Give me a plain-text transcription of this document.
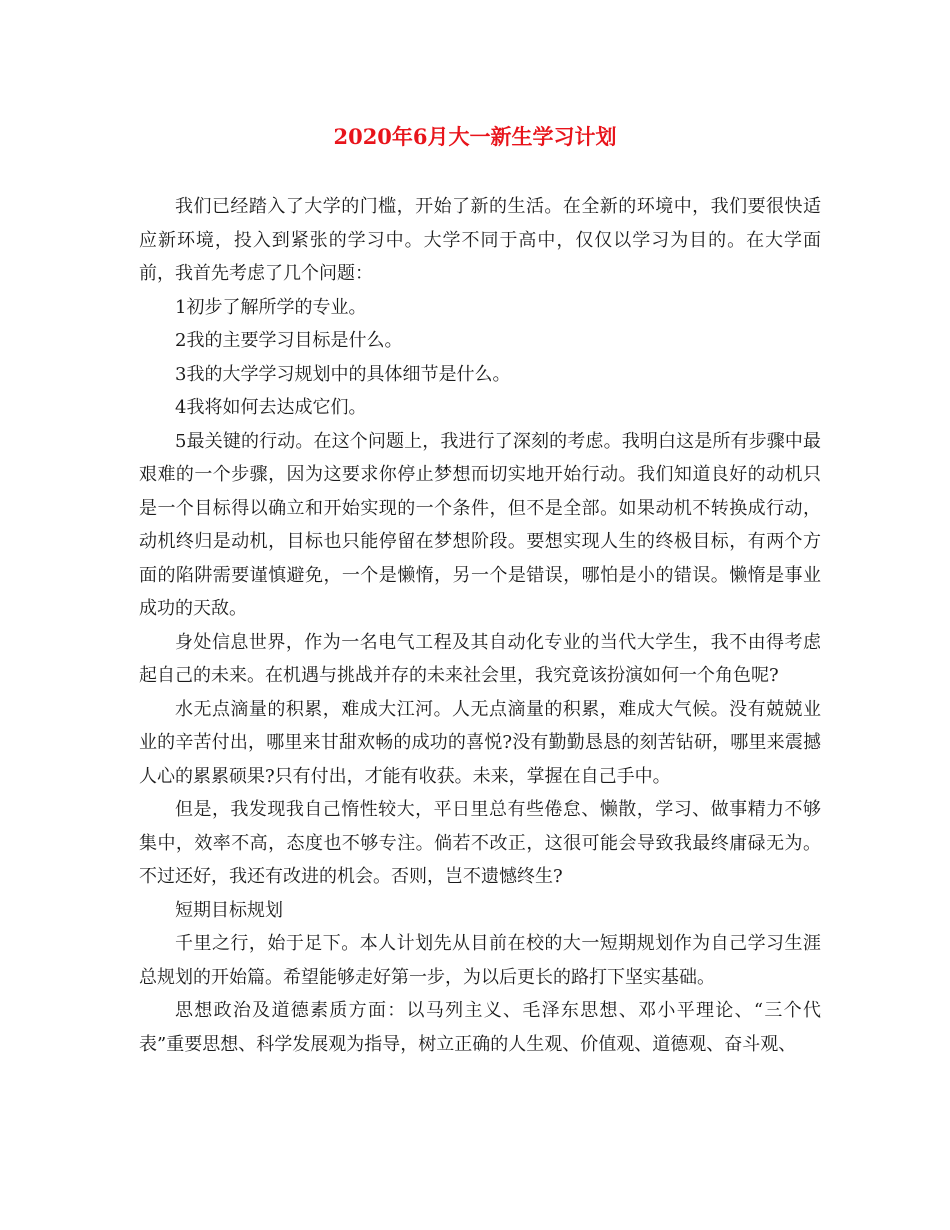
2020年6月大一新生学习计划

我们已经踏入了大学的门槛，开始了新的生活。在全新的环境中，我们要很快适应新环境，投入到紧张的学习中。大学不同于高中，仅仅以学习为目的。在大学面前，我首先考虑了几个问题：

1初步了解所学的专业。

2我的主要学习目标是什么。

3我的大学学习规划中的具体细节是什么。

4我将如何去达成它们。

5最关键的行动。在这个问题上，我进行了深刻的考虑。我明白这是所有步骤中最艰难的一个步骤，因为这要求你停止梦想而切实地开始行动。我们知道良好的动机只是一个目标得以确立和开始实现的一个条件，但不是全部。如果动机不转换成行动，动机终归是动机，目标也只能停留在梦想阶段。要想实现人生的终极目标，有两个方面的陷阱需要谨慎避免，一个是懒惰，另一个是错误，哪怕是小的错误。懒惰是事业成功的天敌。

身处信息世界，作为一名电气工程及其自动化专业的当代大学生，我不由得考虑起自己的未来。在机遇与挑战并存的未来社会里，我究竟该扮演如何一个角色呢?

水无点滴量的积累，难成大江河。人无点滴量的积累，难成大气候。没有兢兢业业的辛苦付出，哪里来甘甜欢畅的成功的喜悦?没有勤勤恳恳的刻苦钻研，哪里来震撼人心的累累硕果?只有付出，才能有收获。未来，掌握在自己手中。

但是，我发现我自己惰性较大，平日里总有些倦怠、懒散，学习、做事精力不够集中，效率不高，态度也不够专注。倘若不改正，这很可能会导致我最终庸碌无为。不过还好，我还有改进的机会。否则，岂不遗憾终生?

短期目标规划

千里之行，始于足下。本人计划先从目前在校的大一短期规划作为自己学习生涯总规划的开始篇。希望能够走好第一步，为以后更长的路打下坚实基础。

思想政治及道德素质方面：以马列主义、毛泽东思想、邓小平理论、“三个代表”重要思想、科学发展观为指导，树立正确的人生观、价值观、道德观、奋斗观、
